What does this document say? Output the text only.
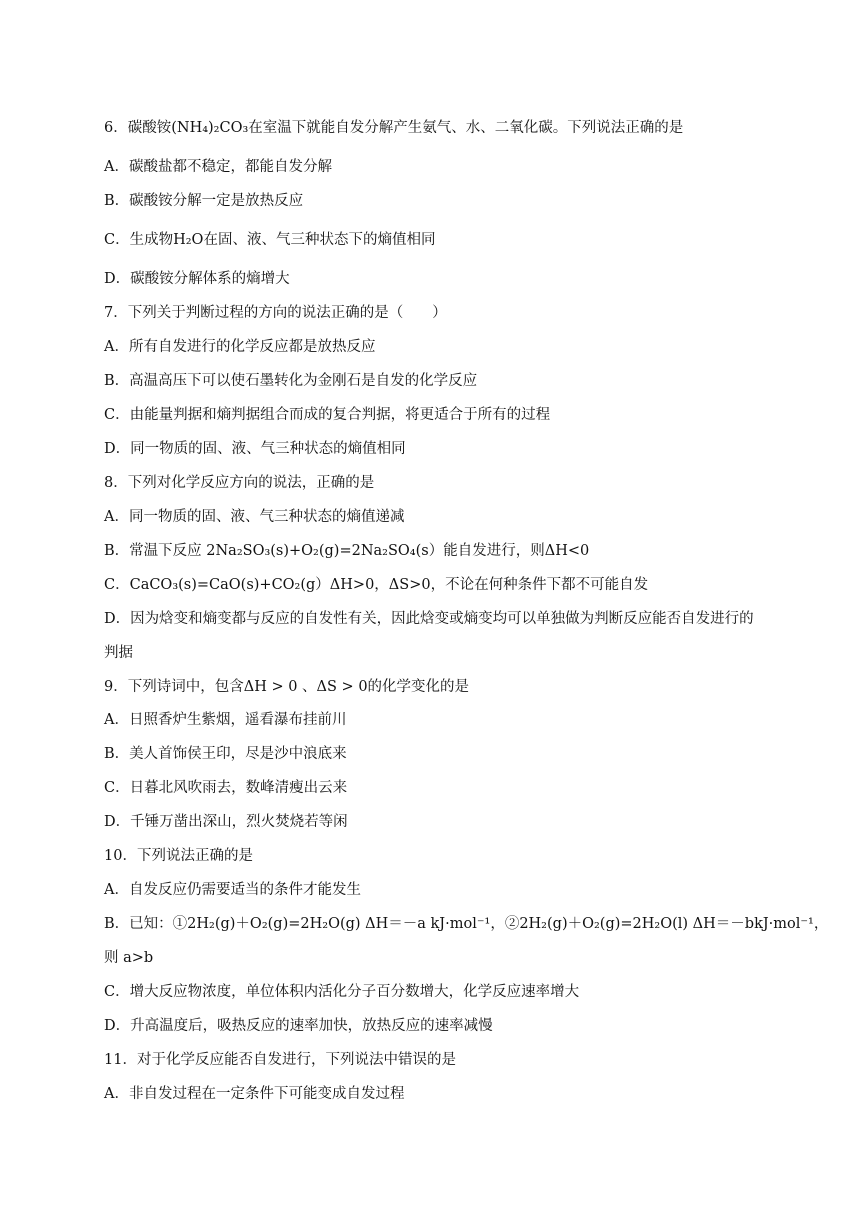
6．碳酸铵(NH₄)₂CO₃在室温下就能自发分解产生氨气、水、二氧化碳。下列说法正确的是
A．碳酸盐都不稳定，都能自发分解
B．碳酸铵分解一定是放热反应
C．生成物H₂O在固、液、气三种状态下的熵值相同
D．碳酸铵分解体系的熵增大
7．下列关于判断过程的方向的说法正确的是（　　）
A．所有自发进行的化学反应都是放热反应
B．高温高压下可以使石墨转化为金刚石是自发的化学反应
C．由能量判据和熵判据组合而成的复合判据，将更适合于所有的过程
D．同一物质的固、液、气三种状态的熵值相同
8．下列对化学反应方向的说法，正确的是
A．同一物质的固、液、气三种状态的熵值递减
B．常温下反应 2Na₂SO₃(s)+O₂(g)=2Na₂SO₄(s）能自发进行，则ΔH<0
C．CaCO₃(s)=CaO(s)+CO₂(g）ΔH>0，ΔS>0，不论在何种条件下都不可能自发
D．因为焓变和熵变都与反应的自发性有关，因此焓变或熵变均可以单独做为判断反应能否自发进行的
判据
9．下列诗词中，包含ΔH > 0 、ΔS > 0的化学变化的是
A．日照香炉生紫烟，遥看瀑布挂前川
B．美人首饰侯王印，尽是沙中浪底来
C．日暮北风吹雨去，数峰清瘦出云来
D．千锤万凿出深山，烈火焚烧若等闲
10．下列说法正确的是
A．自发反应仍需要适当的条件才能发生
B．已知：①2H₂(g)＋O₂(g)=2H₂O(g) ΔH＝－a kJ·mol⁻¹，②2H₂(g)＋O₂(g)=2H₂O(l) ΔH＝－bkJ·mol⁻¹，
则 a>b
C．增大反应物浓度，单位体积内活化分子百分数增大，化学反应速率增大
D．升高温度后，吸热反应的速率加快，放热反应的速率减慢
11．对于化学反应能否自发进行，下列说法中错误的是
A．非自发过程在一定条件下可能变成自发过程
